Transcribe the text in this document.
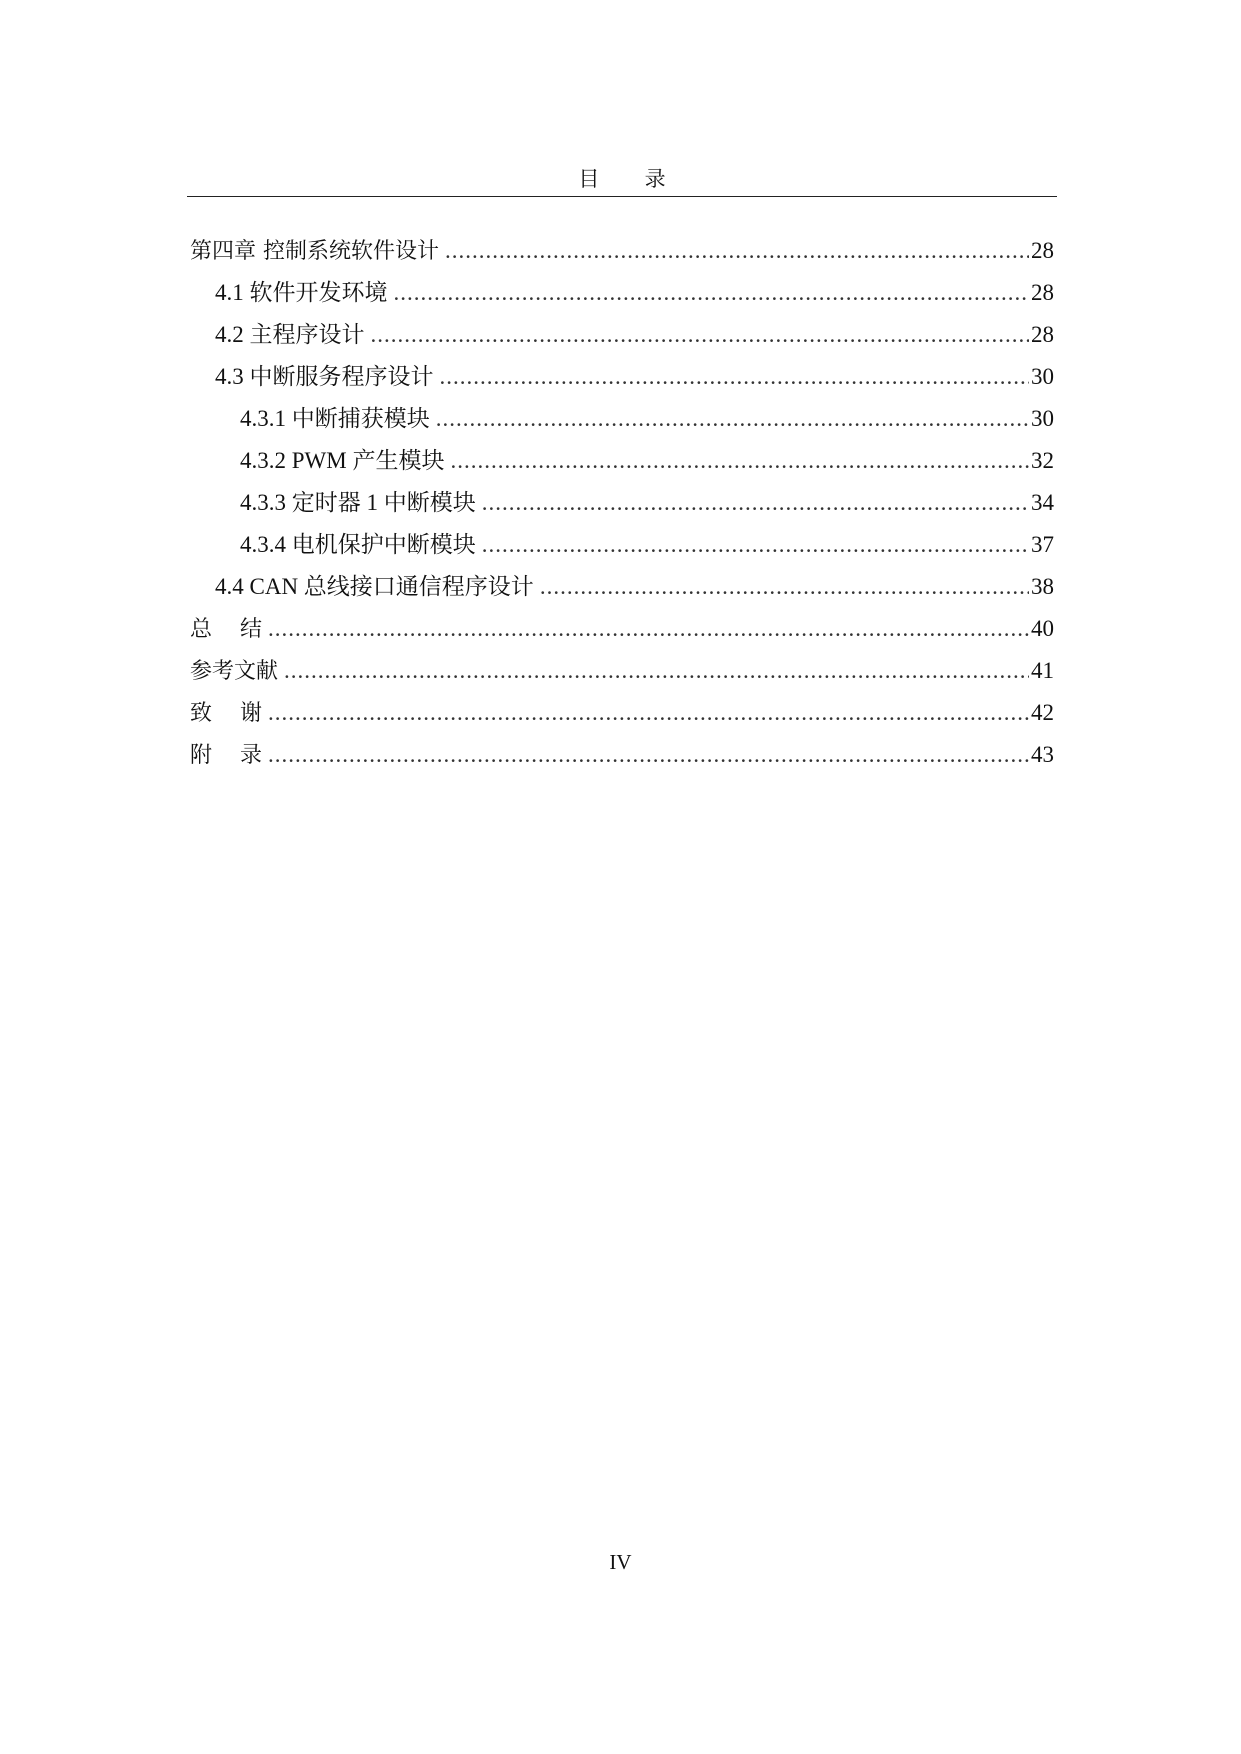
目 录
第四章 控制系统软件设计 .....	28
4.1 软件开发环境 .....	28
4.2 主程序设计 .....	28
4.3 中断服务程序设计 .....	30
4.3.1 中断捕获模块 .....	30
4.3.2 PWM 产生模块 .....	32
4.3.3 定时器 1 中断模块 .....	34
4.3.4 电机保护中断模块 .....	37
4.4 CAN 总线接口通信程序设计 .....	38
总    结 .....	40
参考文献 .....	41
致    谢 .....	42
附    录 .....	43
IV
